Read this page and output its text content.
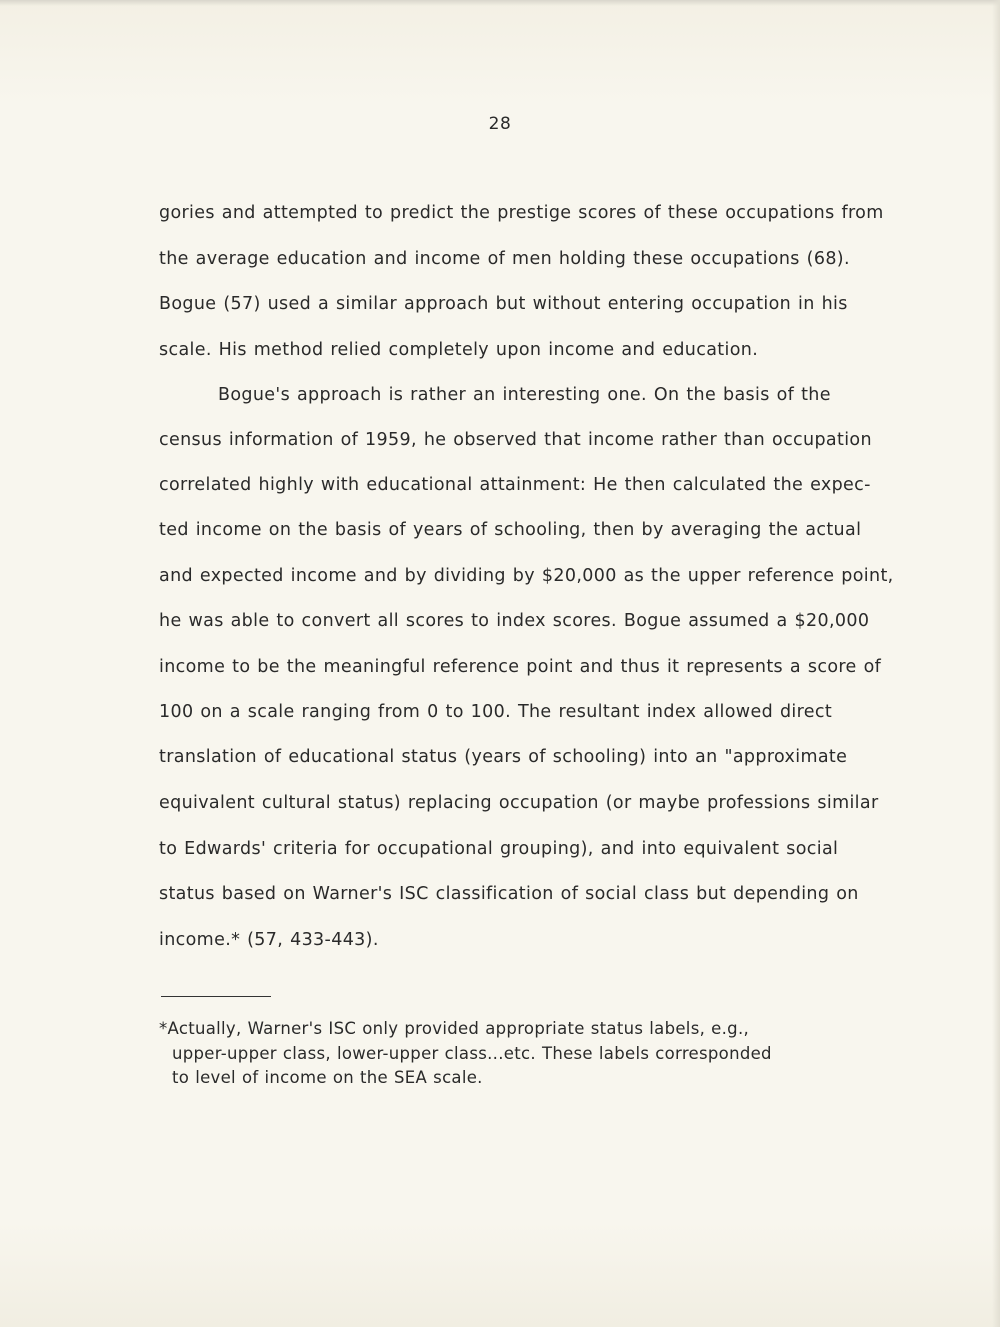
28
gories and attempted to predict the prestige scores of these occupations from
the average education and income of men holding these occupations (68).
Bogue (57) used a similar approach but without entering occupation in his
scale. His method relied completely upon income and education.
Bogue's approach is rather an interesting one. On the basis of the
census information of 1959, he observed that income rather than occupation
correlated highly with educational attainment: He then calculated the expec-
ted income on the basis of years of schooling, then by averaging the actual
and expected income and by dividing by $20,000 as the upper reference point,
he was able to convert all scores to index scores. Bogue assumed a $20,000
income to be the meaningful reference point and thus it represents a score of
100 on a scale ranging from 0 to 100. The resultant index allowed direct
translation of educational status (years of schooling) into an "approximate
equivalent cultural status) replacing occupation (or maybe professions similar
to Edwards' criteria for occupational grouping), and into equivalent social
status based on Warner's ISC classification of social class but depending on
income.* (57, 433-443).
*Actually, Warner's ISC only provided appropriate status labels, e.g.,
upper-upper class, lower-upper class...etc. These labels corresponded
to level of income on the SEA scale.
